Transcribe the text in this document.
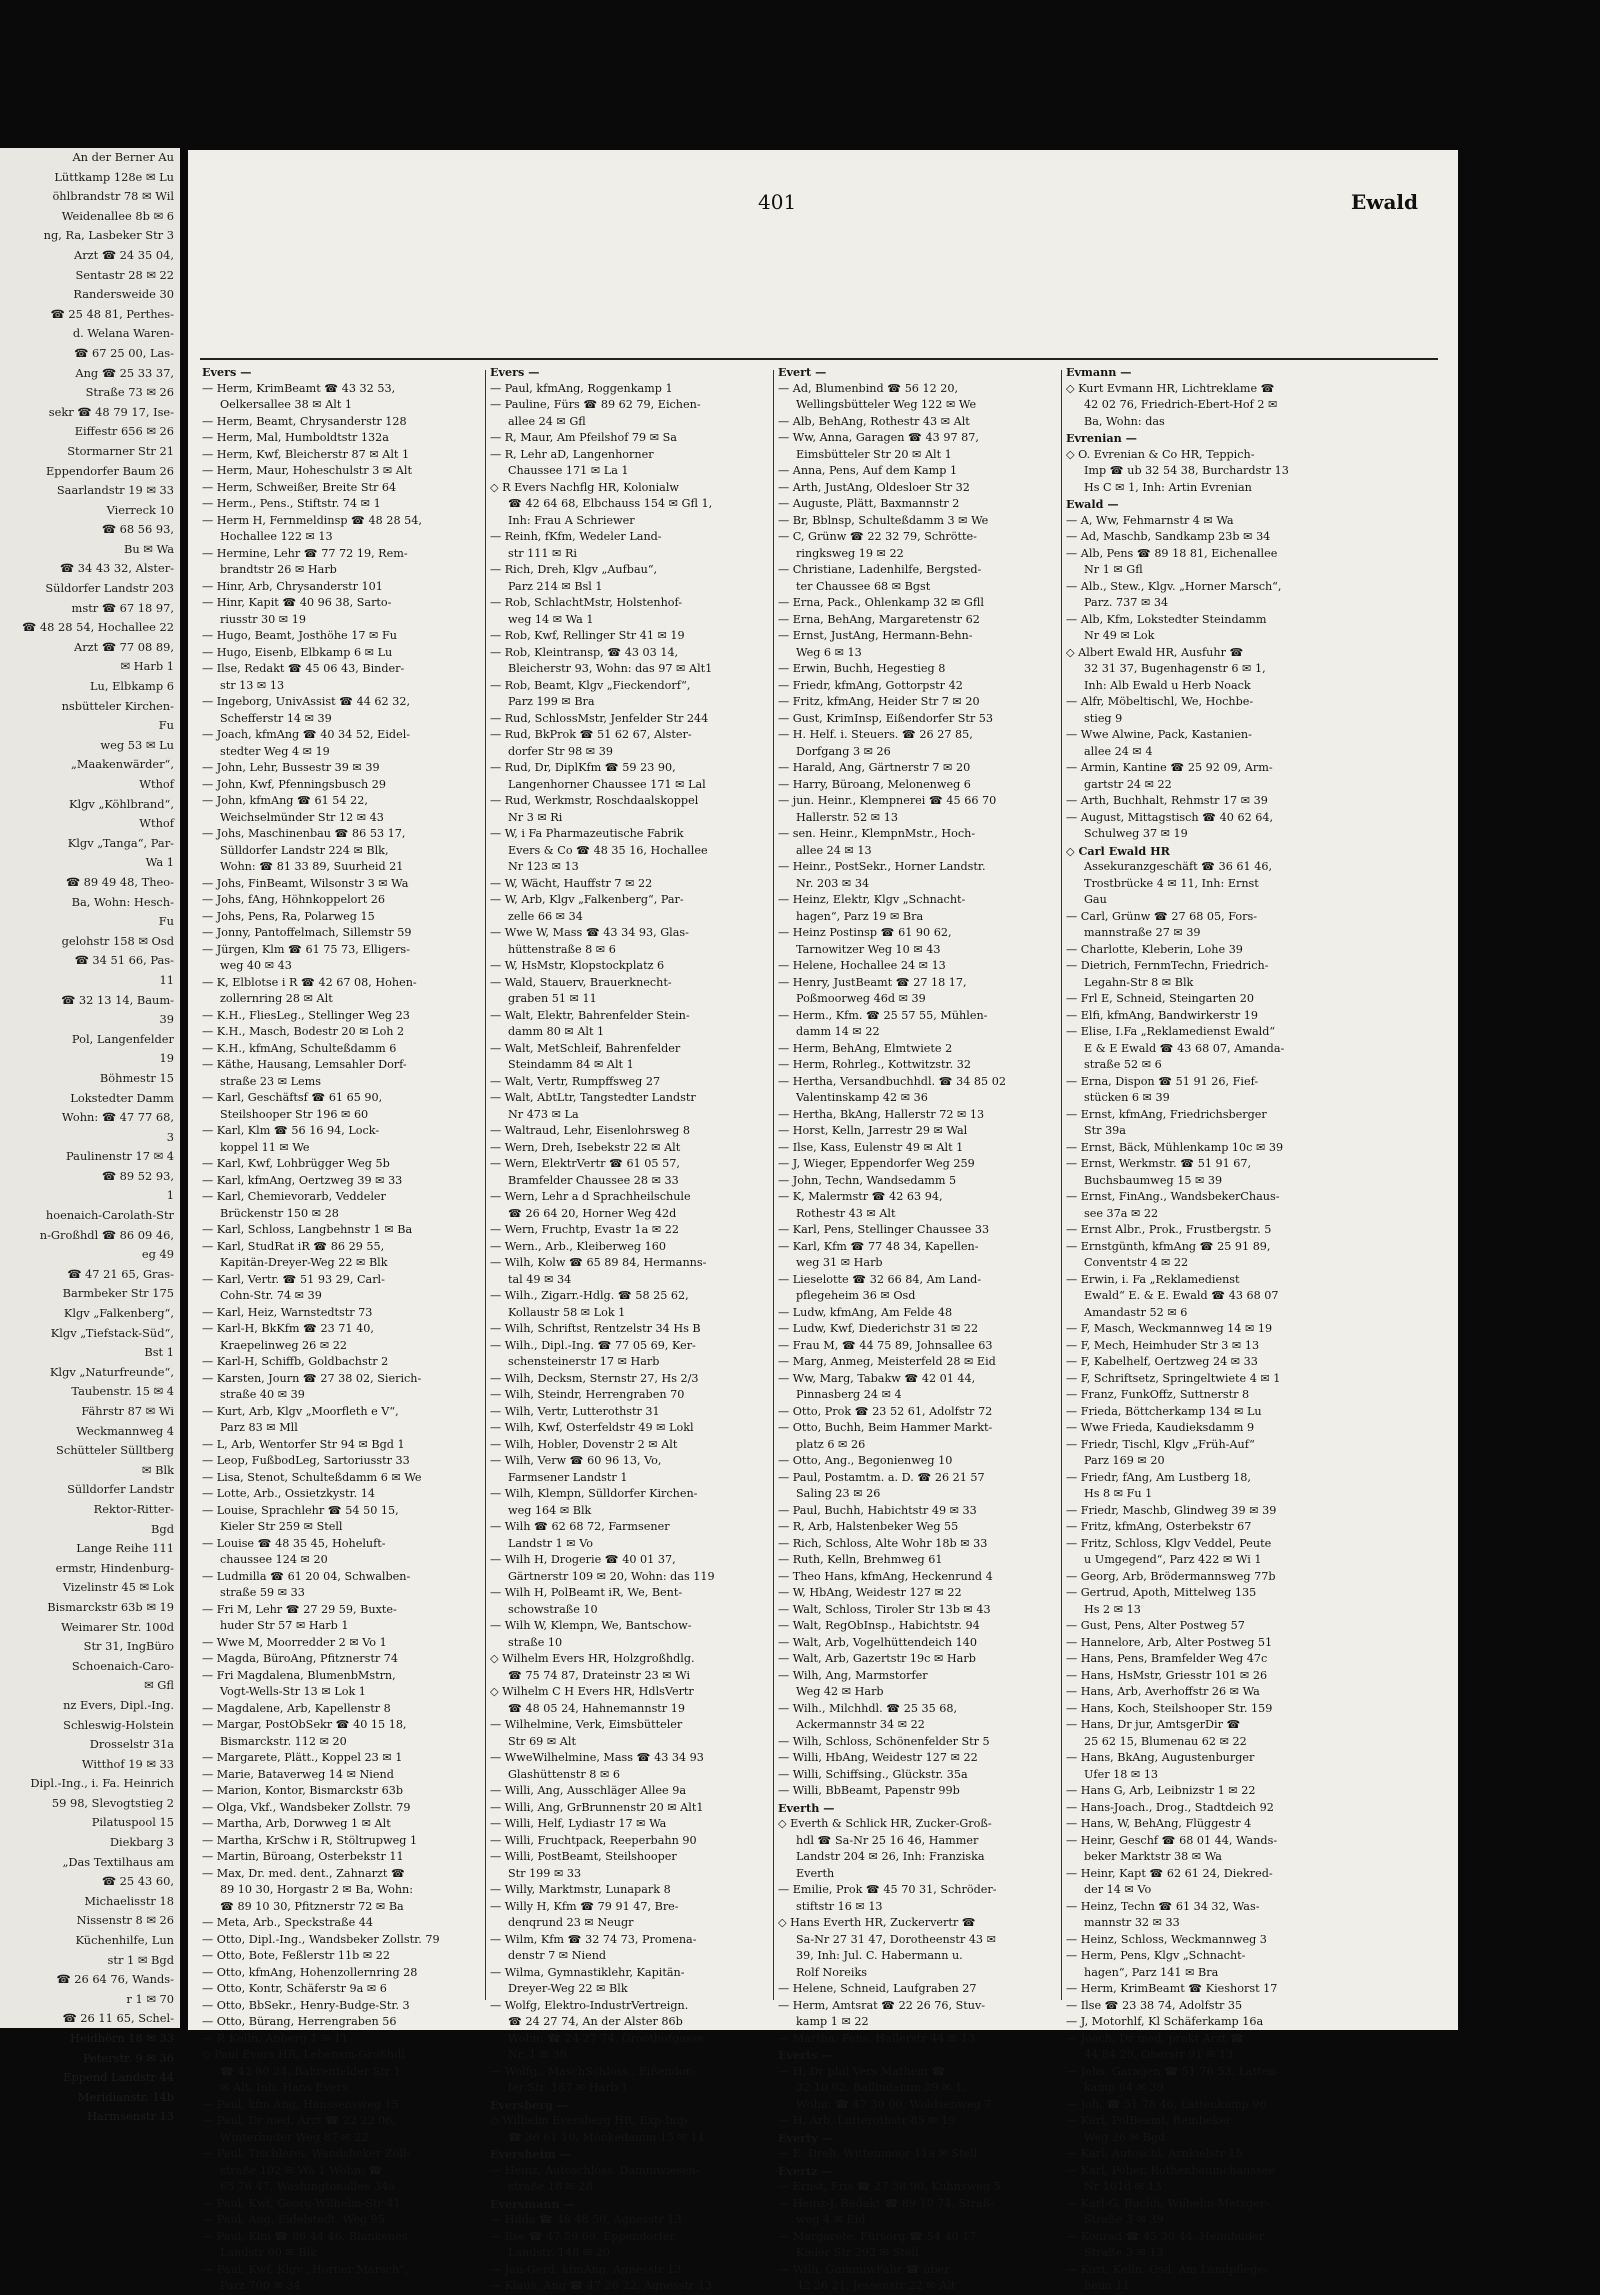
An der Berner Au
Lüttkamp 128e ✉ Lu
öhlbrandstr 78 ✉ Wil
Weidenallee 8b ✉ 6
ng, Ra, Lasbeker Str 3
Arzt ☎ 24 35 04,
Sentastr 28 ✉ 22
Randersweide 30
☎ 25 48 81, Perthes-
d. Welana Waren-
☎ 67 25 00, Las-
Ang ☎ 25 33 37,
Straße 73 ✉ 26
sekr ☎ 48 79 17, Ise-
Eiffestr 656 ✉ 26
Stormarner Str 21
Eppendorfer Baum 26
Saarlandstr 19 ✉ 33
Vierreck 10
☎ 68 56 93,
Bu ✉ Wa
☎ 34 43 32, Alster-
Süldorfer Landstr 203
mstr ☎ 67 18 97,
☎ 48 28 54, Hochallee 22
Arzt ☎ 77 08 89,
✉ Harb 1
Lu, Elbkamp 6
nsbütteler Kirchen-
Fu
weg 53 ✉ Lu
„Maakenwärder“,
Wthof
Klgv „Köhlbrand“,
Wthof
Klgv „Tanga“, Par-
Wa 1
☎ 89 49 48, Theo-
Ba, Wohn: Hesch-
Fu
gelohstr 158 ✉ Osd
☎ 34 51 66, Pas-
11
☎ 32 13 14, Baum-
39
Pol, Langenfelder
19
Böhmestr 15
Lokstedter Damm
Wohn: ☎ 47 77 68,
3
Paulinenstr 17 ✉ 4
☎ 89 52 93,
1
hoenaich-Carolath-Str
n-Großhdl ☎ 86 09 46,
eg 49
☎ 47 21 65, Gras-
Barmbeker Str 175
Klgv „Falkenberg“,
Klgv „Tiefstack-Süd“,
Bst 1
Klgv „Naturfreunde“,
Taubenstr. 15 ✉ 4
Fährstr 87 ✉ Wi
Weckmannweg 4
Schütteler Sülltberg
✉ Blk
Sülldorfer Landstr
Rektor-Ritter-
Bgd
Lange Reihe 111
ermstr, Hindenburg-
Vizelinstr 45 ✉ Lok
Bismarckstr 63b ✉ 19
Weimarer Str. 100d
Str 31, IngBüro
Schoenaich-Caro-
✉ Gfl
nz Evers, Dipl.-Ing.
Schleswig-Holstein
Drosselstr 31a
Witthof 19 ✉ 33
Dipl.-Ing., i. Fa. Heinrich
59 98, Slevogtstieg 2
Pilatuspool 15
Diekbarg 3
„Das Textilhaus am
☎ 25 43 60,
Michaelisstr 18
Nissenstr 8 ✉ 26
Küchenhilfe, Lun
str 1 ✉ Bgd
☎ 26 64 76, Wands-
r 1 ✉ 70
☎ 26 11 65, Schel-
Heidhörn 18 ✉ 33
Peterstr. 9 ✉ 36
Eppend Landstr 44
Meridianstr. 14b
Harmsenstr 13
401	Ewald
Evers —
— Herm, KrimBeamt ☎ 43 32 53,
Oelkersallee 38 ✉ Alt 1
— Herm, Beamt, Chrysanderstr 128
— Herm, Mal, Humboldtstr 132a
— Herm, Kwf, Bleicherstr 87 ✉ Alt 1
— Herm, Maur, Hoheschulstr 3 ✉ Alt
— Herm, Schweißer, Breite Str 64
— Herm., Pens., Stiftstr. 74 ✉ 1
— Herm H, Fernmeldinsp ☎ 48 28 54,
Hochallee 122 ✉ 13
— Hermine, Lehr ☎ 77 72 19, Rem-
brandtstr 26 ✉ Harb
— Hinr, Arb, Chrysanderstr 101
— Hinr, Kapit ☎ 40 96 38, Sarto-
riusstr 30 ✉ 19
— Hugo, Beamt, Josthöhe 17 ✉ Fu
— Hugo, Eisenb, Elbkamp 6 ✉ Lu
— Ilse, Redakt ☎ 45 06 43, Binder-
str 13 ✉ 13
— Ingeborg, UnivAssist ☎ 44 62 32,
Schefferstr 14 ✉ 39
— Joach, kfmAng ☎ 40 34 52, Eidel-
stedter Weg 4 ✉ 19
— John, Lehr, Bussestr 39 ✉ 39
— John, Kwf, Pfenningsbusch 29
— John, kfmAng ☎ 61 54 22,
Weichselmünder Str 12 ✉ 43
— Johs, Maschinenbau ☎ 86 53 17,
Sülldorfer Landstr 224 ✉ Blk,
Wohn: ☎ 81 33 89, Suurheid 21
— Johs, FinBeamt, Wilsonstr 3 ✉ Wa
— Johs, fAng, Höhnkoppelort 26
— Johs, Pens, Ra, Polarweg 15
— Jonny, Pantoffelmach, Sillemstr 59
— Jürgen, Klm ☎ 61 75 73, Elligers-
weg 40 ✉ 43
— K, Elblotse i R ☎ 42 67 08, Hohen-
zollernring 28 ✉ Alt
— K.H., FliesLeg., Stellinger Weg 23
— K.H., Masch, Bodestr 20 ✉ Loh 2
— K.H., kfmAng, Schulteßdamm 6
— Käthe, Hausang, Lemsahler Dorf-
straße 23 ✉ Lems
— Karl, Geschäftsf ☎ 61 65 90,
Steilshooper Str 196 ✉ 60
— Karl, Klm ☎ 56 16 94, Lock-
koppel 11 ✉ We
— Karl, Kwf, Lohbrügger Weg 5b
— Karl, kfmAng, Oertzweg 39 ✉ 33
— Karl, Chemievorarb, Veddeler
Brückenstr 150 ✉ 28
— Karl, Schloss, Langbehnstr 1 ✉ Ba
— Karl, StudRat iR ☎ 86 29 55,
Kapitän-Dreyer-Weg 22 ✉ Blk
— Karl, Vertr. ☎ 51 93 29, Carl-
Cohn-Str. 74 ✉ 39
— Karl, Heiz, Warnstedtstr 73
— Karl-H, BkKfm ☎ 23 71 40,
Kraepelinweg 26 ✉ 22
— Karl-H, Schiffb, Goldbachstr 2
— Karsten, Journ ☎ 27 38 02, Sierich-
straße 40 ✉ 39
— Kurt, Arb, Klgv „Moorfleth e V“,
Parz 83 ✉ Mll
— L, Arb, Wentorfer Str 94 ✉ Bgd 1
— Leop, FußbodLeg, Sartoriusstr 33
— Lisa, Stenot, Schulteßdamm 6 ✉ We
— Lotte, Arb., Ossietzkystr. 14
— Louise, Sprachlehr ☎ 54 50 15,
Kieler Str 259 ✉ Stell
— Louise ☎ 48 35 45, Hoheluft-
chaussee 124 ✉ 20
— Ludmilla ☎ 61 20 04, Schwalben-
straße 59 ✉ 33
— Fri M, Lehr ☎ 27 29 59, Buxte-
huder Str 57 ✉ Harb 1
— Wwe M, Moorredder 2 ✉ Vo 1
— Magda, BüroAng, Pfitznerstr 74
— Fri Magdalena, BlumenbMstrn,
Vogt-Wells-Str 13 ✉ Lok 1
— Magdalene, Arb, Kapellenstr 8
— Margar, PostObSekr ☎ 40 15 18,
Bismarckstr. 112 ✉ 20
— Margarete, Plätt., Koppel 23 ✉ 1
— Marie, Bataverweg 14 ✉ Niend
— Marion, Kontor, Bismarckstr 63b
— Olga, Vkf., Wandsbeker Zollstr. 79
— Martha, Arb, Dorwweg 1 ✉ Alt
— Martha, KrSchw i R, Stöltrupweg 1
— Martin, Büroang, Osterbekstr 11
— Max, Dr. med. dent., Zahnarzt ☎
89 10 30, Horgastr 2 ✉ Ba, Wohn:
☎ 89 10 30, Pfitznerstr 72 ✉ Ba
— Meta, Arb., Speckstraße 44
— Otto, Dipl.-Ing., Wandsbeker Zollstr. 79
— Otto, Bote, Feßlerstr 11b ✉ 22
— Otto, kfmAng, Hohenzollernring 28
— Otto, Kontr, Schäferstr 9a ✉ 6
— Otto, BbSekr., Henry-Budge-Str. 3
— Otto, Bürang, Herrengraben 56
— P, Kelln, Anberg 1 ✉ 11
◇ Paul Evers HR, Lebensm-Großhdl
☎ 42 80 24, Bahrenfelder Str 1
✉ Alt, Inh: Hans Evers
— Paul, kfm Ang, Hanssensweg 15
— Paul, Dr med, Arzt ☎ 22 22 06,
Winterhuder Weg 87 ✉ 22
— Paul, Tischlerei, Wandsbeker Zoll-
straße 102 ✉ Wa 1 Wohn: ☎
65 76 47, Washingtonallee 34a
— Paul, Kwf, Georg-Wilhelm-Str 41
— Paul, Ang, Eidelstedt. Weg 95
— Paul, Klm ☎ 86 44 46, Blankenes
Landstr 60 ✉ Blk
— Paul, Kwf, Klgv „Horner Marsch“,
Parz 700 ✉ 34
Evers —
— Paul, kfmAng, Roggenkamp 1
— Pauline, Fürs ☎ 89 62 79, Eichen-
allee 24 ✉ Gfl
— R, Maur, Am Pfeilshof 79 ✉ Sa
— R, Lehr aD, Langenhorner
Chaussee 171 ✉ La 1
◇ R Evers Nachflg HR, Kolonialw
☎ 42 64 68, Elbchauss 154 ✉ Gfl 1,
Inh: Frau A Schriewer
— Reinh, fKfm, Wedeler Land-
str 111 ✉ Ri
— Rich, Dreh, Klgv „Aufbau“,
Parz 214 ✉ Bsl 1
— Rob, SchlachtMstr, Holstenhof-
weg 14 ✉ Wa 1
— Rob, Kwf, Rellinger Str 41 ✉ 19
— Rob, Kleintransp, ☎ 43 03 14,
Bleicherstr 93, Wohn: das 97 ✉ Alt1
— Rob, Beamt, Klgv „Fieckendorf“,
Parz 199 ✉ Bra
— Rud, SchlossMstr, Jenfelder Str 244
— Rud, BkProk ☎ 51 62 67, Alster-
dorfer Str 98 ✉ 39
— Rud, Dr, DiplKfm ☎ 59 23 90,
Langenhorner Chaussee 171 ✉ Lal
— Rud, Werkmstr, Roschdaalskoppel
Nr 3 ✉ Ri
— W, i Fa Pharmazeutische Fabrik
Evers & Co ☎ 48 35 16, Hochallee
Nr 123 ✉ 13
— W, Wächt, Hauffstr 7 ✉ 22
— W, Arb, Klgv „Falkenberg“, Par-
zelle 66 ✉ 34
— Wwe W, Mass ☎ 43 34 93, Glas-
hüttenstraße 8 ✉ 6
— W, HsMstr, Klopstockplatz 6
— Wald, Stauerv, Brauerknecht-
graben 51 ✉ 11
— Walt, Elektr, Bahrenfelder Stein-
damm 80 ✉ Alt 1
— Walt, MetSchleif, Bahrenfelder
Steindamm 84 ✉ Alt 1
— Walt, Vertr, Rumpffsweg 27
— Walt, AbtLtr, Tangstedter Landstr
Nr 473 ✉ La
— Waltraud, Lehr, Eisenlohrsweg 8
— Wern, Dreh, Isebekstr 22 ✉ Alt
— Wern, ElektrVertr ☎ 61 05 57,
Bramfelder Chaussee 28 ✉ 33
— Wern, Lehr a d Sprachheilschule
☎ 26 64 20, Horner Weg 42d
— Wern, Fruchtp, Evastr 1a ✉ 22
— Wern., Arb., Kleiberweg 160
— Wilh, Kolw ☎ 65 89 84, Hermanns-
tal 49 ✉ 34
— Wilh., Zigarr.-Hdlg. ☎ 58 25 62,
Kollaustr 58 ✉ Lok 1
— Wilh, Schriftst, Rentzelstr 34 Hs B
— Wilh., Dipl.-Ing. ☎ 77 05 69, Ker-
schensteinerstr 17 ✉ Harb
— Wilh, Decksm, Sternstr 27, Hs 2/3
— Wilh, Steindr, Herrengraben 70
— Wilh, Vertr, Lutterothstr 31
— Wilh, Kwf, Osterfeldstr 49 ✉ Lokl
— Wilh, Hobler, Dovenstr 2 ✉ Alt
— Wilh, Verw ☎ 60 96 13, Vo,
Farmsener Landstr 1
— Wilh, Klempn, Sülldorfer Kirchen-
weg 164 ✉ Blk
— Wilh ☎ 62 68 72, Farmsener
Landstr 1 ✉ Vo
— Wilh H, Drogerie ☎ 40 01 37,
Gärtnerstr 109 ✉ 20, Wohn: das 119
— Wilh H, PolBeamt iR, We, Bent-
schowstraße 10
— Wilh W, Klempn, We, Bantschow-
straße 10
◇ Wilhelm Evers HR, Holzgroßhdlg.
☎ 75 74 87, Drateinstr 23 ✉ Wi
◇ Wilhelm C H Evers HR, HdlsVertr
☎ 48 05 24, Hahnemannstr 19
— Wilhelmine, Verk, Eimsbütteler
Str 69 ✉ Alt
— WweWilhelmine, Mass ☎ 43 34 93
Glashüttenstr 8 ✉ 6
— Willi, Ang, Ausschläger Allee 9a
— Willi, Ang, GrBrunnenstr 20 ✉ Alt1
— Willi, Helf, Lydiastr 17 ✉ Wa
— Willi, Fruchtpack, Reeperbahn 90
— Willi, PostBeamt, Steilshooper
Str 199 ✉ 33
— Willy, Marktmstr, Lunapark 8
— Willy H, Kfm ☎ 79 91 47, Bre-
denqrund 23 ✉ Neugr
— Wilm, Kfm ☎ 32 74 73, Promena-
denstr 7 ✉ Niend
— Wilma, Gymnastiklehr, Kapitän-
Dreyer-Weg 22 ✉ Blk
— Wolfg, Elektro-IndustrVertreign.
☎ 24 27 74, An der Alster 86b
Wohn: ☎ 24 27 74, Groothofgasse
Nr. 1 ✉ 39
— Wolfg., MaschSchloss., Eißendor-
fer Str. 187 ✉ Harb 1
Eversberg —
◇ Wilhelm Eversberg HR, Exp-Imp.
☎ 36 61 10, Mönkedamm 15 ✉ 11
Eversheim —
— Heinz, Autoschloss, Dammwiesen-
straße 18 ✉ 28
Eversmann —
— Hilda ☎ 48 48 50, Agnesstr 13
— Ilse ☎ 47 59 69, Eppendorfer
Landstr. 148 ✉ 20
— Jan-Gerd, kfmAng, Agnesstr 13
— Klaus, Ang ☎ 47 26 22, Agnesstr 13
Evert —
— Ad, Blumenbind ☎ 56 12 20,
Wellingsbütteler Weg 122 ✉ We
— Alb, BehAng, Rothestr 43 ✉ Alt
— Ww, Anna, Garagen ☎ 43 97 87,
Eimsbütteler Str 20 ✉ Alt 1
— Anna, Pens, Auf dem Kamp 1
— Arth, JustAng, Oldesloer Str 32
— Auguste, Plätt, Baxmannstr 2
— Br, Bblnsp, Schulteßdamm 3 ✉ We
— C, Grünw ☎ 22 32 79, Schrötte-
ringksweg 19 ✉ 22
— Christiane, Ladenhilfe, Bergsted-
ter Chaussee 68 ✉ Bgst
— Erna, Pack., Ohlenkamp 32 ✉ Gfll
— Erna, BehAng, Margaretenstr 62
— Ernst, JustAng, Hermann-Behn-
Weg 6 ✉ 13
— Erwin, Buchh, Hegestieg 8
— Friedr, kfmAng, Gottorpstr 42
— Fritz, kfmAng, Heider Str 7 ✉ 20
— Gust, KrimInsp, Eißendorfer Str 53
— H. Helf. i. Steuers. ☎ 26 27 85,
Dorfgang 3 ✉ 26
— Harald, Ang, Gärtnerstr 7 ✉ 20
— Harry, Büroang, Melonenweg 6
— jun. Heinr., Klempnerei ☎ 45 66 70
Hallerstr. 52 ✉ 13
— sen. Heinr., KlempnMstr., Hoch-
allee 24 ✉ 13
— Heinr., PostSekr., Horner Landstr.
Nr. 203 ✉ 34
— Heinz, Elektr, Klgv „Schnacht-
hagen“, Parz 19 ✉ Bra
— Heinz Postinsp ☎ 61 90 62,
Tarnowitzer Weg 10 ✉ 43
— Helene, Hochallee 24 ✉ 13
— Henry, JustBeamt ☎ 27 18 17,
Poßmoorweg 46d ✉ 39
— Herm., Kfm. ☎ 25 57 55, Mühlen-
damm 14 ✉ 22
— Herm, BehAng, Elmtwiete 2
— Herm, Rohrleg., Kottwitzstr. 32
— Hertha, Versandbuchhdl. ☎ 34 85 02
Valentinskamp 42 ✉ 36
— Hertha, BkAng, Hallerstr 72 ✉ 13
— Horst, Kelln, Jarrestr 29 ✉ Wal
— Ilse, Kass, Eulenstr 49 ✉ Alt 1
— J, Wieger, Eppendorfer Weg 259
— John, Techn, Wandsedamm 5
— K, Malermstr ☎ 42 63 94,
Rothestr 43 ✉ Alt
— Karl, Pens, Stellinger Chaussee 33
— Karl, Kfm ☎ 77 48 34, Kapellen-
weg 31 ✉ Harb
— Lieselotte ☎ 32 66 84, Am Land-
pflegeheim 36 ✉ Osd
— Ludw, kfmAng, Am Felde 48
— Ludw, Kwf, Diederichstr 31 ✉ 22
— Frau M, ☎ 44 75 89, Johnsallee 63
— Marg, Anmeg, Meisterfeld 28 ✉ Eid
— Ww, Marg, Tabakw ☎ 42 01 44,
Pinnasberg 24 ✉ 4
— Otto, Prok ☎ 23 52 61, Adolfstr 72
— Otto, Buchh, Beim Hammer Markt-
platz 6 ✉ 26
— Otto, Ang., Begonienweg 10
— Paul, Postamtm. a. D. ☎ 26 21 57
Saling 23 ✉ 26
— Paul, Buchh, Habichtstr 49 ✉ 33
— R, Arb, Halstenbeker Weg 55
— Rich, Schloss, Alte Wohr 18b ✉ 33
— Ruth, Kelln, Brehmweg 61
— Theo Hans, kfmAng, Heckenrund 4
— W, HbAng, Weidestr 127 ✉ 22
— Walt, Schloss, Tiroler Str 13b ✉ 43
— Walt, RegObInsp., Habichtstr. 94
— Walt, Arb, Vogelhüttendeich 140
— Walt, Arb, Gazertstr 19c ✉ Harb
— Wilh, Ang, Marmstorfer
Weg 42 ✉ Harb
— Wilh., Milchhdl. ☎ 25 35 68,
Ackermannstr 34 ✉ 22
— Wilh, Schloss, Schönenfelder Str 5
— Willi, HbAng, Weidestr 127 ✉ 22
— Willi, Schiffsing., Glückstr. 35a
— Willi, BbBeamt, Papenstr 99b
Everth —
◇ Everth & Schlick HR, Zucker-Groß-
hdl ☎ Sa-Nr 25 16 46, Hammer
Landstr 204 ✉ 26, Inh: Franziska
Everth
— Emilie, Prok ☎ 45 70 31, Schröder-
stiftstr 16 ✉ 13
◇ Hans Everth HR, Zuckervertr ☎
Sa-Nr 27 31 47, Dorotheenstr 43 ✉
39, Inh: Jul. C. Habermann u.
Rolf Noreiks
— Helene, Schneid, Laufgraben 27
— Herm, Amtsrat ☎ 22 26 76, Stuv-
kamp 1 ✉ 22
— Martha, Pens, Hallerstr 44 ✉ 13
Everts —
— H, Dr phil Vers Mathem ☎
32 10 02, Ballindamm 39 ✉ 1,
Wohn: ☎ 47 30 00, Woldsenweg 7
— H, Arb, Lutterothstr 85 ✉ 19
Everty —
— E, Dreh, Wittenmoor 11a ✉ Stell
Evertz —
— Ernst, Fris ☎ 27 38 90, Kuhnsweg 5
— Heinz-J, Redakt ☎ 89 10 74, Straß-
weg 4 ✉ Eid
— Margarete, Fürsorg ☎ 54 40 17,
Kieler Str 292 ✉ Stell
— Wilh, GummiwFabr ☎ über
42 26 21, Jessenstr 22 ✉ Alt
Evmann —
◇ Kurt Evmann HR, Lichtreklame ☎
42 02 76, Friedrich-Ebert-Hof 2 ✉
Ba, Wohn: das
Evrenian —
◇ O. Evrenian & Co HR, Teppich-
Imp ☎ ub 32 54 38, Burchardstr 13
Hs C ✉ 1, Inh: Artin Evrenian
Ewald —
— A, Ww, Fehmarnstr 4 ✉ Wa
— Ad, Maschb, Sandkamp 23b ✉ 34
— Alb, Pens ☎ 89 18 81, Eichenallee
Nr 1 ✉ Gfl
— Alb., Stew., Klgv. „Horner Marsch“,
Parz. 737 ✉ 34
— Alb, Kfm, Lokstedter Steindamm
Nr 49 ✉ Lok
◇ Albert Ewald HR, Ausfuhr ☎
32 31 37, Bugenhagenstr 6 ✉ 1,
Inh: Alb Ewald u Herb Noack
— Alfr, Möbeltischl, We, Hochbe-
stieg 9
— Wwe Alwine, Pack, Kastanien-
allee 24 ✉ 4
— Armin, Kantine ☎ 25 92 09, Arm-
gartstr 24 ✉ 22
— Arth, Buchhalt, Rehmstr 17 ✉ 39
— August, Mittagstisch ☎ 40 62 64,
Schulweg 37 ✉ 19
◇ Carl Ewald HR
Assekuranzgeschäft ☎ 36 61 46,
Trostbrücke 4 ✉ 11, Inh: Ernst
Gau
— Carl, Grünw ☎ 27 68 05, Fors-
mannstraße 27 ✉ 39
— Charlotte, Kleberin, Lohe 39
— Dietrich, FernmTechn, Friedrich-
Legahn-Str 8 ✉ Blk
— Frl E, Schneid, Steingarten 20
— Elfi, kfmAng, Bandwirkerstr 19
— Elise, I.Fa „Reklamedienst Ewald“
E & E Ewald ☎ 43 68 07, Amanda-
straße 52 ✉ 6
— Erna, Dispon ☎ 51 91 26, Fief-
stücken 6 ✉ 39
— Ernst, kfmAng, Friedrichsberger
Str 39a
— Ernst, Bäck, Mühlenkamp 10c ✉ 39
— Ernst, Werkmstr. ☎ 51 91 67,
Buchsbaumweg 15 ✉ 39
— Ernst, FinAng., WandsbekerChaus-
see 37a ✉ 22
— Ernst Albr., Prok., Frustbergstr. 5
— Ernstgünth, kfmAng ☎ 25 91 89,
Conventstr 4 ✉ 22
— Erwin, i. Fa „Reklamedienst
Ewald“ E. & E. Ewald ☎ 43 68 07
Amandastr 52 ✉ 6
— F, Masch, Weckmannweg 14 ✉ 19
— F, Mech, Heimhuder Str 3 ✉ 13
— F, Kabelhelf, Oertzweg 24 ✉ 33
— F, Schriftsetz, Springeltwiete 4 ✉ 1
— Franz, FunkOffz, Suttnerstr 8
— Frieda, Böttcherkamp 134 ✉ Lu
— Wwe Frieda, Kaudieksdamm 9
— Friedr, Tischl, Klgv „Früh-Auf“
Parz 169 ✉ 20
— Friedr, fAng, Am Lustberg 18,
Hs 8 ✉ Fu 1
— Friedr, Maschb, Glindweg 39 ✉ 39
— Fritz, kfmAng, Osterbekstr 67
— Fritz, Schloss, Klgv Veddel, Peute
u Umgegend“, Parz 422 ✉ Wi 1
— Georg, Arb, Brödermannsweg 77b
— Gertrud, Apoth, Mittelweg 135
Hs 2 ✉ 13
— Gust, Pens, Alter Postweg 57
— Hannelore, Arb, Alter Postweg 51
— Hans, Pens, Bramfelder Weg 47c
— Hans, HsMstr, Griesstr 101 ✉ 26
— Hans, Arb, Averhoffstr 26 ✉ Wa
— Hans, Koch, Steilshooper Str. 159
— Hans, Dr jur, AmtsgerDir ☎
25 62 15, Blumenau 62 ✉ 22
— Hans, BkAng, Augustenburger
Ufer 18 ✉ 13
— Hans G, Arb, Leibnizstr 1 ✉ 22
— Hans-Joach., Drog., Stadtdeich 92
— Hans, W, BehAng, Flüggestr 4
— Heinr, Geschf ☎ 68 01 44, Wands-
beker Marktstr 38 ✉ Wa
— Heinr, Kapt ☎ 62 61 24, Diekred-
der 14 ✉ Vo
— Heinz, Techn ☎ 61 34 32, Was-
mannstr 32 ✉ 33
— Heinz, Schloss, Weckmannweg 3
— Herm, Pens, Klgv „Schnacht-
hagen“, Parz 141 ✉ Bra
— Herm, KrimBeamt ☎ Kieshorst 17
— Ilse ☎ 23 38 74, Adolfstr 35
— J, Motorhlf, Kl Schäferkamp 16a
— Joach, Dr med, prakt Arzt ☎
44 84 29, Oberstr 91 ✉ 13
— Johs, Garagen ☎ 51 76 53, Latten-
kamp 64 ✉ 39
— Joh, ☎ 51 78 46, Lattenkamp 96
— Karl, PolBeamt, Reinbeker
Weg 26 ✉ Bgd
— Karl, Autoschl, Arnkielstr 15
— Karl, Polier, Rothenbaumchaussee
Nr 101d ✉ 13
— Karl-G, Buchh, Wilhelm-Metzger-
Straße 3 ✉ 39
— Konrad ☎ 45 30 44, Heimhuder
Straße 3 ✉ 13
— Kurt, Kelln, Osd, Am Landpflege-
heim 11
